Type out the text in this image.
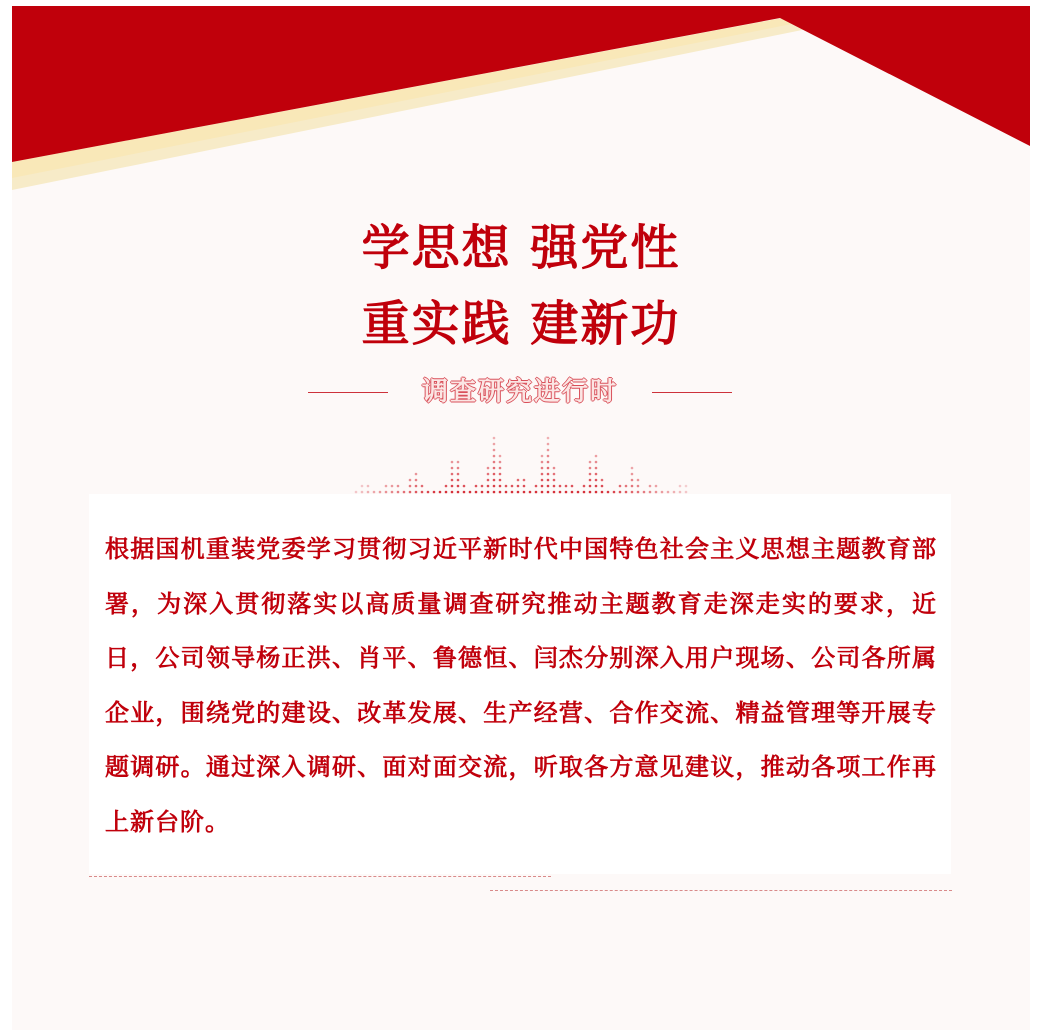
学思想 强党性
重实践 建新功
调查研究进行时
根据国机重装党委学习贯彻习近平新时代中国特色社会主义思想主题教育部署，为深入贯彻落实以高质量调查研究推动主题教育走深走实的要求，近日，公司领导杨正洪、肖平、鲁德恒、闫杰分别深入用户现场、公司各所属企业，围绕党的建设、改革发展、生产经营、合作交流、精益管理等开展专题调研。通过深入调研、面对面交流，听取各方意见建议，推动各项工作再上新台阶。
